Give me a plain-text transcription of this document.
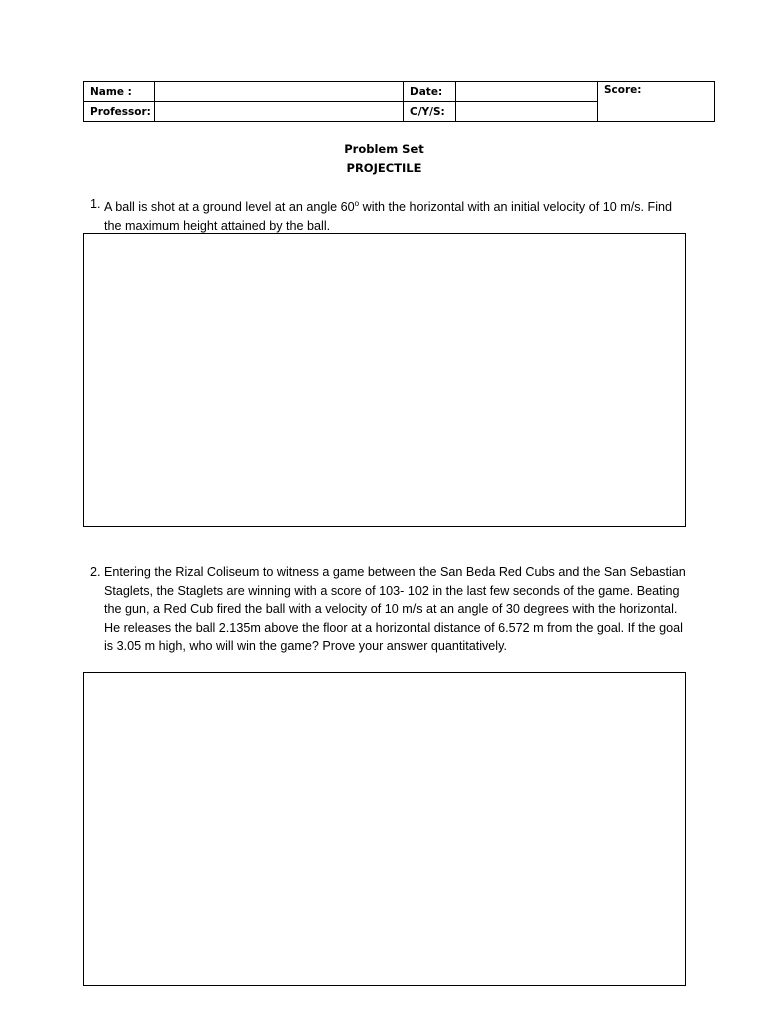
Name :		Date:		Score:
Professor:		C/Y/S:		
Problem Set
PROJECTILE
1. A ball is shot at a ground level at an angle 60$^o$ with the horizontal with an initial velocity of 10 m/s. Find the maximum height attained by the ball.
2. Entering the Rizal Coliseum to witness a game between the San Beda Red Cubs and the San Sebastian Staglets, the Staglets are winning with a score of 103- 102 in the last few seconds of the game. Beating the gun, a Red Cub fired the ball with a velocity of 10 m/s at an angle of 30 degrees with the horizontal. He releases the ball 2.135m above the floor at a horizontal distance of 6.572 m from the goal. If the goal is 3.05 m high, who will win the game? Prove your answer quantitatively.
